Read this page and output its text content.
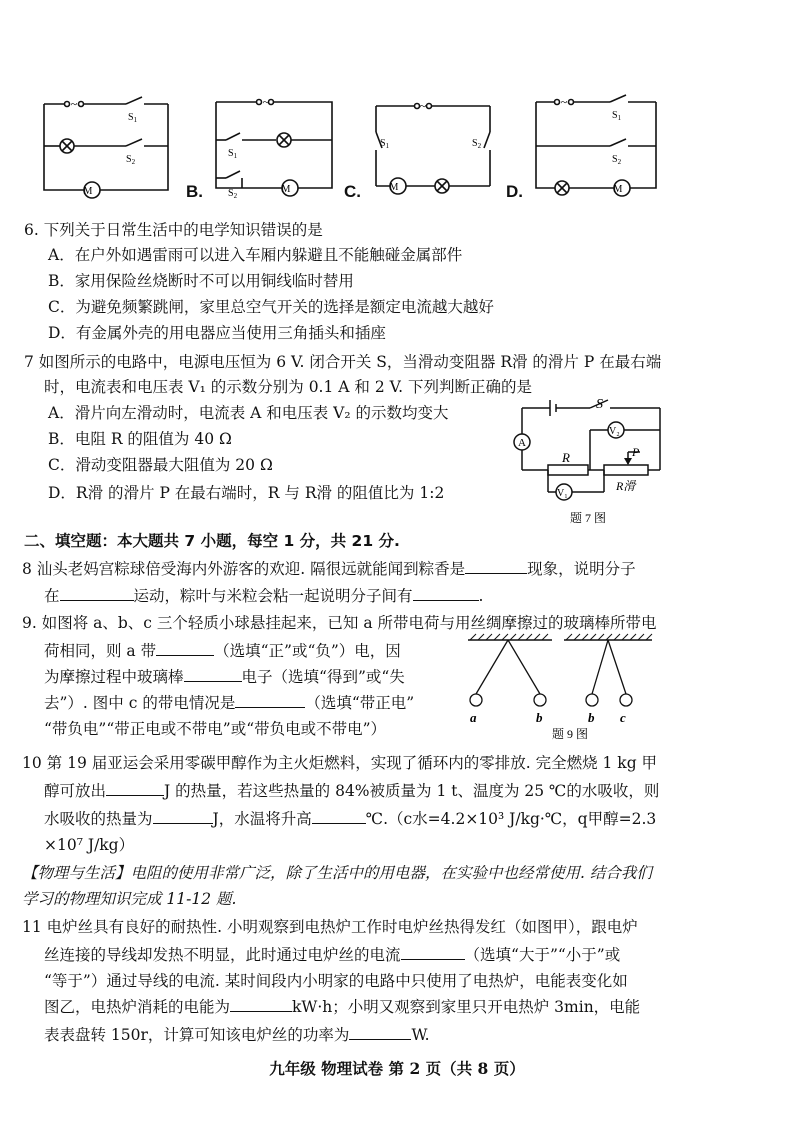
~
M
$S_1$
$S_2$
~
M
$S_1$
$S_2$
~
M
$S_1$	$S_2$
~
M
$S_1$
$S_2$
B.	C.	D.
6. 下列关于日常生活中的电学知识错误的是
A．在户外如遇雷雨可以进入车厢内躲避且不能触碰金属部件
B．家用保险丝烧断时不可以用铜线临时替用
C．为避免频繁跳闸，家里总空气开关的选择是额定电流越大越好
D．有金属外壳的用电器应当使用三角插头和插座
7 如图所示的电路中，电源电压恒为 6 V. 闭合开关 S，当滑动变阻器 R滑 的滑片 P 在最右端
时，电流表和电压表 V₁ 的示数分别为 0.1 A 和 2 V. 下列判断正确的是
A．滑片向左滑动时，电流表 A 和电压表 V₂ 的示数均变大
B．电阻 R 的阻值为 40 Ω
C．滑动变阻器最大阻值为 20 Ω
D．R滑 的滑片 P 在最右端时，R 与 R滑 的阻值比为 1:2
A
S
V₂
R	P
R滑
V₁
题 7 图
二、填空题：本大题共 7 小题，每空 1 分，共 21 分.
8 汕头老妈宫粽球倍受海内外游客的欢迎. 隔很远就能闻到粽香是	现象，说明分子
在	运动，粽叶与米粒会粘一起说明分子间有	.
9. 如图将 a、b、c 三个轻质小球悬挂起来，已知 a 所带电荷与用丝绸摩擦过的玻璃棒所带电
荷相同，则 a 带	（选填“正”或“负”）电，因
为摩擦过程中玻璃棒	电子（选填“得到”或“失
去”）. 图中 c 的带电情况是	（选填“带正电”
“带负电”“带正电或不带电”或“带负电或不带电”）
a	b	b c
题 9 图
10 第 19 届亚运会采用零碳甲醇作为主火炬燃料，实现了循环内的零排放. 完全燃烧 1 kg 甲
醇可放出	J 的热量，若这些热量的 84%被质量为 1 t、温度为 25 ℃的水吸收，则
水吸收的热量为	J，水温将升高	℃.（c水=4.2×10³ J/kg·℃，q甲醇=2.3
×10⁷ J/kg）
【物理与生活】电阻的使用非常广泛，除了生活中的用电器，在实验中也经常使用. 结合我们
学习的物理知识完成 11-12 题.
11 电炉丝具有良好的耐热性. 小明观察到电热炉工作时电炉丝热得发红（如图甲），跟电炉
丝连接的导线却发热不明显，此时通过电炉丝的电流	（选填“大于”“小于”或
“等于”）通过导线的电流. 某时间段内小明家的电路中只使用了电热炉，电能表变化如
图乙，电热炉消耗的电能为	kW·h；小明又观察到家里只开电热炉 3min，电能
表表盘转 150r，计算可知该电炉丝的功率为	W.
九年级 物理试卷 第 2 页（共 8 页）
